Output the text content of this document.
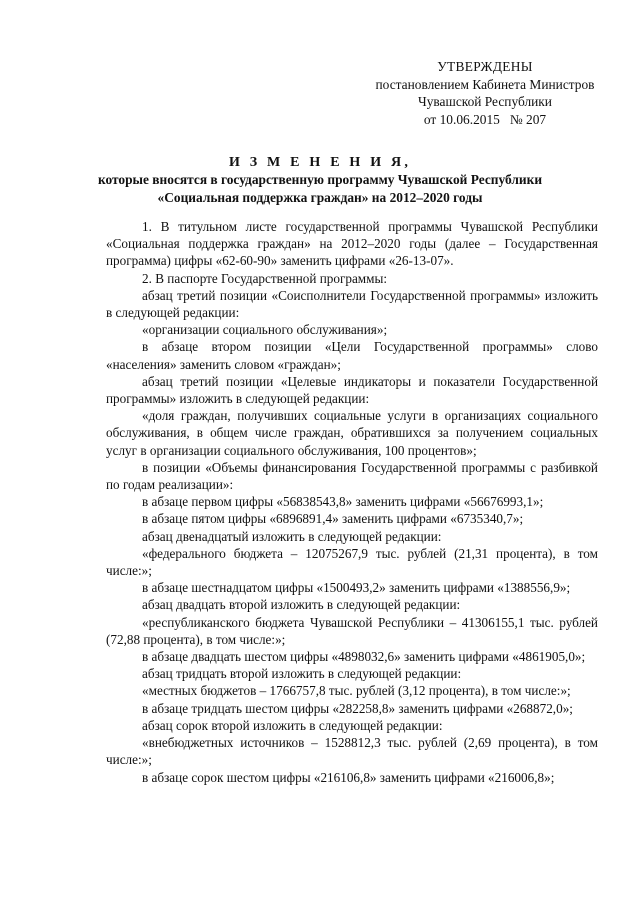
УТВЕРЖДЕНЫ
постановлением Кабинета Министров
Чувашской Республики
от 10.06.2015   № 207
И З М Е Н Е Н И Я,
которые вносятся в государственную программу Чувашской Республики
«Социальная поддержка граждан» на 2012–2020 годы

1. В титульном листе государственной программы Чувашской Республики «Социальная поддержка граждан» на 2012–2020 годы (далее – Государственная программа) цифры «62-60-90» заменить цифрами «26-13-07».

2. В паспорте Государственной программы:

абзац третий позиции «Соисполнители Государственной программы» изложить в следующей редакции:

«организации социального обслуживания»;

в абзаце втором позиции «Цели Государственной программы» слово «населения» заменить словом «граждан»;

абзац третий позиции «Целевые индикаторы и показатели Государственной программы» изложить в следующей редакции:

«доля граждан, получивших социальные услуги в организациях социального обслуживания, в общем числе граждан, обратившихся за получением социальных услуг в организации социального обслуживания, 100 процентов»;

в позиции «Объемы финансирования Государственной программы с разбивкой по годам реализации»:

в абзаце первом цифры «56838543,8» заменить цифрами «56676993,1»;

в абзаце пятом цифры «6896891,4» заменить цифрами «6735340,7»;

абзац двенадцатый изложить в следующей редакции:

«федерального бюджета – 12075267,9 тыс. рублей (21,31 процента), в том числе:»;

в абзаце шестнадцатом цифры «1500493,2» заменить цифрами «1388556,9»;

абзац двадцать второй изложить в следующей редакции:

«республиканского бюджета Чувашской Республики – 41306155,1 тыс. рублей (72,88 процента), в том числе:»;

в абзаце двадцать шестом цифры «4898032,6» заменить цифрами «4861905,0»;

абзац тридцать второй изложить в следующей редакции:

«местных бюджетов – 1766757,8 тыс. рублей (3,12 процента), в том числе:»;

в абзаце тридцать шестом цифры «282258,8» заменить цифрами «268872,0»;

абзац сорок второй изложить в следующей редакции:

«внебюджетных источников – 1528812,3 тыс. рублей (2,69 процента), в том числе:»;

в абзаце сорок шестом цифры «216106,8» заменить цифрами «216006,8»;
